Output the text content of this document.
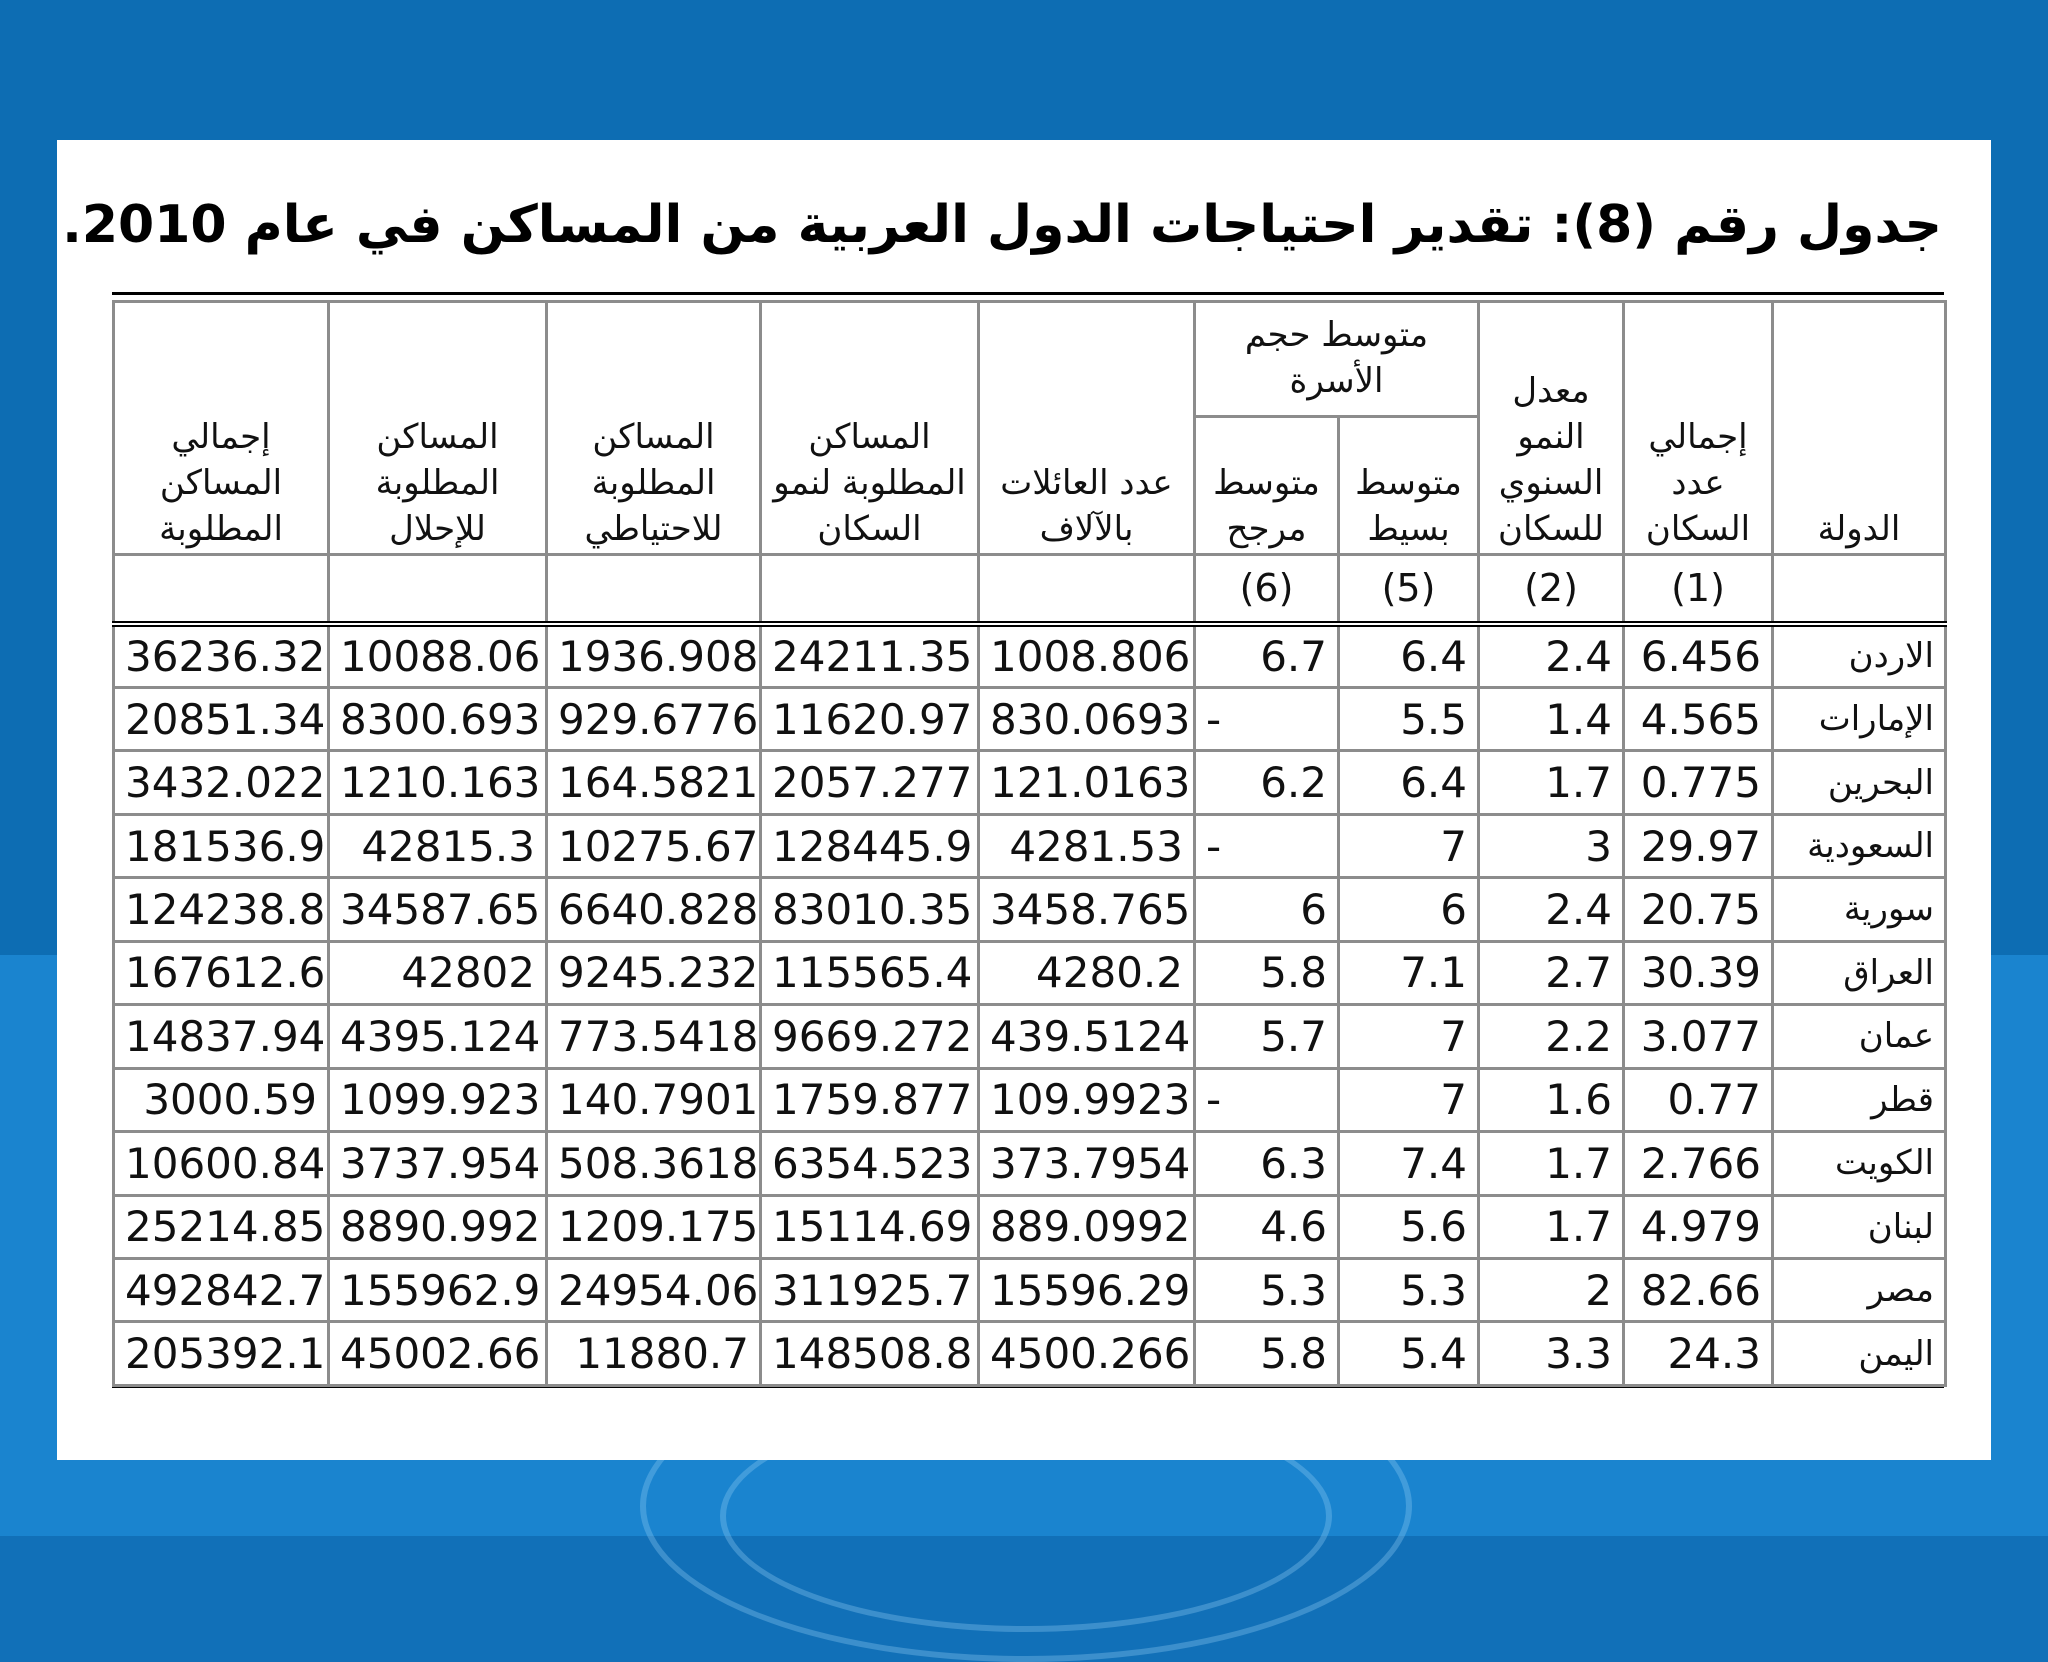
جدول رقم (8): تقدير احتياجات الدول العربية من المساكن في عام 2010.
إجمالي المساكن المطلوبة	المساكن المطلوبة للإحلال	المساكن المطلوبة للاحتياطي	المساكن المطلوبة لنمو السكان	عدد العائلات بالآلاف	متوسط حجم الأسرة		معدل النمو السنوي للسكان	إجمالي عدد السكان	الدولة
					متوسط مرجح	متوسط بسيط			
					(6)	(5)	(2)	(1)	
36236.32	10088.06	1936.908	24211.35	1008.806	6.7	6.4	2.4	6.456	الاردن
20851.34	8300.693	929.6776	11620.97	830.0693	-	5.5	1.4	4.565	الإمارات
3432.022	1210.163	164.5821	2057.277	121.0163	6.2	6.4	1.7	0.775	البحرين
181536.9	42815.3	10275.67	128445.9	4281.53	-	7	3	29.97	السعودية
124238.8	34587.65	6640.828	83010.35	3458.765	6	6	2.4	20.75	سورية
167612.6	42802	9245.232	115565.4	4280.2	5.8	7.1	2.7	30.39	العراق
14837.94	4395.124	773.5418	9669.272	439.5124	5.7	7	2.2	3.077	عمان
3000.59	1099.923	140.7901	1759.877	109.9923	-	7	1.6	0.77	قطر
10600.84	3737.954	508.3618	6354.523	373.7954	6.3	7.4	1.7	2.766	الكويت
25214.85	8890.992	1209.175	15114.69	889.0992	4.6	5.6	1.7	4.979	لبنان
492842.7	155962.9	24954.06	311925.7	15596.29	5.3	5.3	2	82.66	مصر
205392.1	45002.66	11880.7	148508.8	4500.266	5.8	5.4	3.3	24.3	اليمن
